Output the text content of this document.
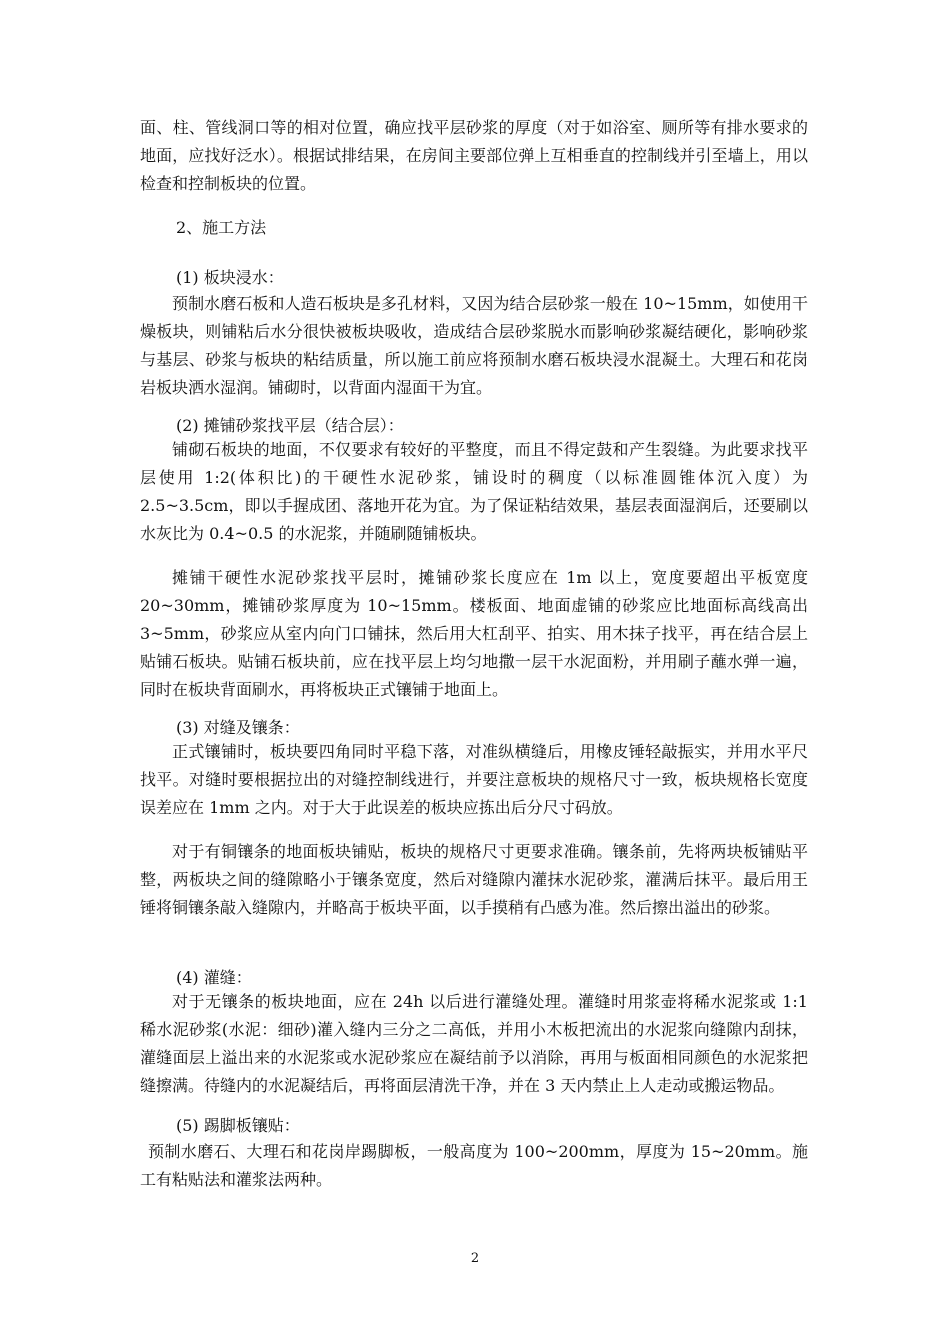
面、柱、管线洞口等的相对位置，确应找平层砂浆的厚度（对于如浴室、厕所等有排水要求的地面，应找好泛水）。根据试排结果，在房间主要部位弹上互相垂直的控制线并引至墙上，用以检查和控制板块的位置。

2、施工方法

(1) 板块浸水：

预制水磨石板和人造石板块是多孔材料，又因为结合层砂浆一般在 10~15mm，如使用干燥板块，则铺粘后水分很快被板块吸收，造成结合层砂浆脱水而影响砂浆凝结硬化，影响砂浆与基层、砂浆与板块的粘结质量，所以施工前应将预制水磨石板块浸水混凝土。大理石和花岗岩板块洒水湿润。铺砌时，以背面内湿面干为宜。

(2) 摊铺砂浆找平层（结合层）：

铺砌石板块的地面，不仅要求有较好的平整度，而且不得定鼓和产生裂缝。为此要求找平层使用 1:2(体积比)的干硬性水泥砂浆，铺设时的稠度（以标准圆锥体沉入度）为 2.5~3.5cm，即以手握成团、落地开花为宜。为了保证粘结效果，基层表面湿润后，还要刷以水灰比为 0.4~0.5 的水泥浆，并随刷随铺板块。

摊铺干硬性水泥砂浆找平层时，摊铺砂浆长度应在 1m 以上，宽度要超出平板宽度 20~30mm，摊铺砂浆厚度为 10~15mm。楼板面、地面虚铺的砂浆应比地面标高线高出 3~5mm，砂浆应从室内向门口铺抹，然后用大杠刮平、拍实、用木抹子找平，再在结合层上贴铺石板块。贴铺石板块前，应在找平层上均匀地撒一层干水泥面粉，并用刷子蘸水弹一遍，同时在板块背面刷水，再将板块正式镶铺于地面上。

(3) 对缝及镶条：

正式镶铺时，板块要四角同时平稳下落，对准纵横缝后，用橡皮锤轻敲振实，并用水平尺找平。对缝时要根据拉出的对缝控制线进行，并要注意板块的规格尺寸一致，板块规格长宽度误差应在 1mm 之内。对于大于此误差的板块应拣出后分尺寸码放。

对于有铜镶条的地面板块铺贴，板块的规格尺寸更要求准确。镶条前，先将两块板铺贴平整，两板块之间的缝隙略小于镶条宽度，然后对缝隙内灌抹水泥砂浆，灌满后抹平。最后用王锤将铜镶条敲入缝隙内，并略高于板块平面，以手摸稍有凸感为准。然后擦出溢出的砂浆。

(4) 灌缝：

对于无镶条的板块地面，应在 24h 以后进行灌缝处理。灌缝时用浆壶将稀水泥浆或 1:1 稀水泥砂浆(水泥：细砂)灌入缝内三分之二高低，并用小木板把流出的水泥浆向缝隙内刮抹，灌缝面层上溢出来的水泥浆或水泥砂浆应在凝结前予以消除，再用与板面相同颜色的水泥浆把缝擦满。待缝内的水泥凝结后，再将面层清洗干净，并在 3 天内禁止上人走动或搬运物品。

(5) 踢脚板镶贴：

预制水磨石、大理石和花岗岸踢脚板，一般高度为 100~200mm，厚度为 15~20mm。施工有粘贴法和灌浆法两种。

2
